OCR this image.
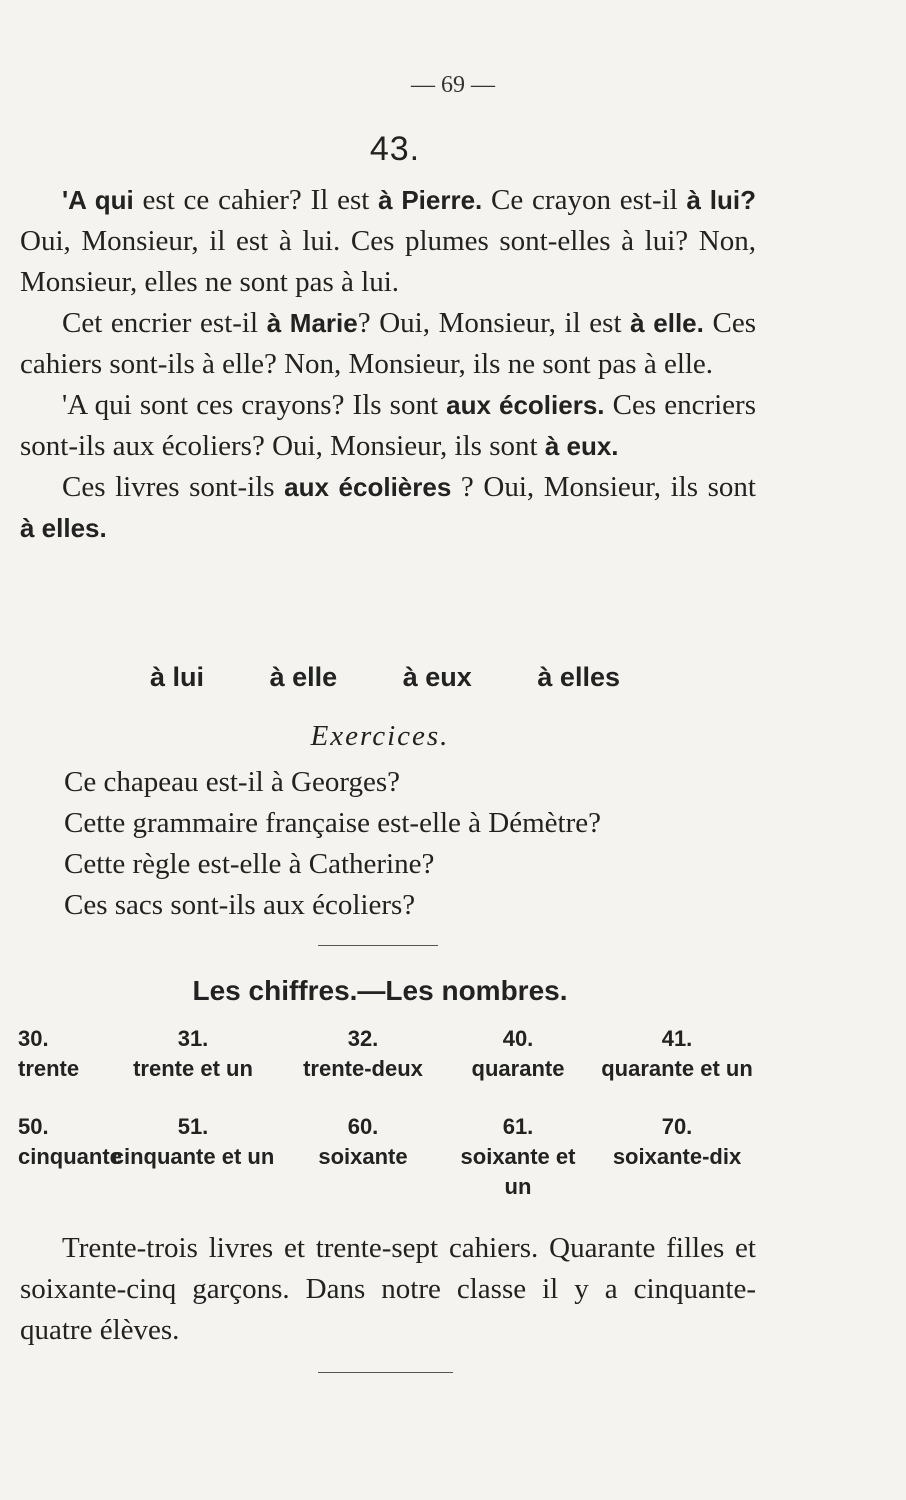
— 69 —
43.

'A qui est ce cahier? Il est à Pierre. Ce crayon est-il à lui? Oui, Monsieur, il est à lui. Ces plumes sont-elles à lui? Non, Monsieur, elles ne sont pas à lui.

Cet encrier est-il à Marie? Oui, Monsieur, il est à elle. Ces cahiers sont-ils à elle? Non, Monsieur, ils ne sont pas à elle.

'A qui sont ces crayons? Ils sont aux écoliers. Ces encriers sont-ils aux écoliers? Oui, Monsieur, ils sont à eux.

Ces livres sont-ils aux écolières ? Oui, Monsieur, ils sont à elles.

à lui à elle à eux à elles
Exercices.
Ce chapeau est-il à Georges?
Cette grammaire française est-elle à Démètre?
Cette règle est-elle à Catherine?
Ces sacs sont-ils aux écoliers?
Les chiffres.—Les nombres.
30.
trente
31.
trente et un
32.
trente-deux
40.
quarante
41.
quarante et un
50.
cinquante
51.
cinquante et un
60.
soixante
61.
soixante et un
70.
soixante-dix

Trente-trois livres et trente-sept cahiers. Quarante filles et soixante-cinq garçons. Dans notre classe il y a cinquante-quatre élèves.
